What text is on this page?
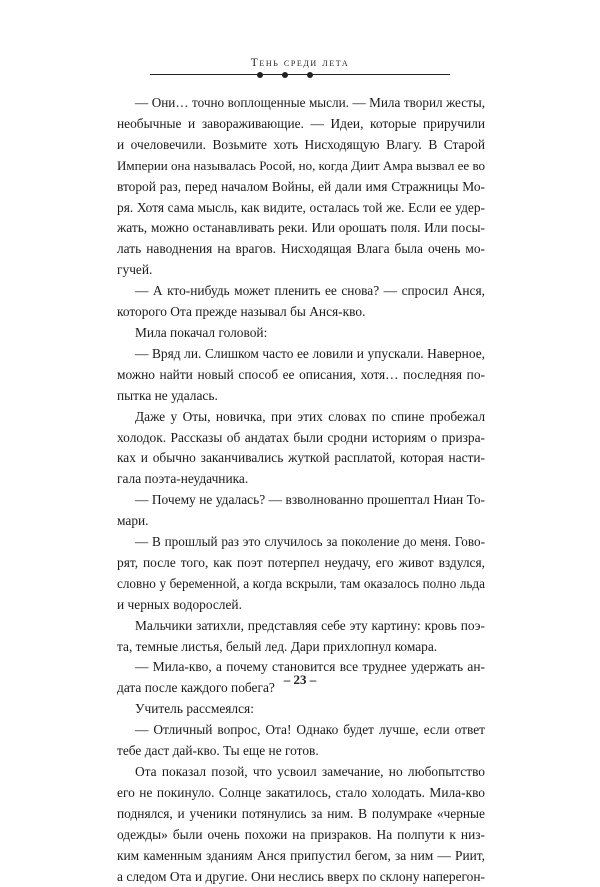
Тень среди лета
— Они… точно воплощенные мысли. — Мила творил жесты,
необычные и завораживающие. — Идеи, которые приручили
и очеловечили. Возьмите хоть Нисходящую Влагу. В Старой
Империи она называлась Росой, но, когда Диит Амра вызвал ее во
второй раз, перед началом Войны, ей дали имя Стражницы Мо-
ря. Хотя сама мысль, как видите, осталась той же. Если ее удер-
жать, можно останавливать реки. Или орошать поля. Или посы-
лать наводнения на врагов. Нисходящая Влага была очень мо-
гучей.
— А кто-нибудь может пленить ее снова? — спросил Анся,
которого Ота прежде называл бы Анся-кво.
Мила покачал головой:
— Вряд ли. Слишком часто ее ловили и упускали. Наверное,
можно найти новый способ ее описания, хотя… последняя по-
пытка не удалась.
Даже у Оты, новичка, при этих словах по спине пробежал
холодок. Рассказы об андатах были сродни историям о призра-
ках и обычно заканчивались жуткой расплатой, которая насти-
гала поэта-неудачника.
— Почему не удалась? — взволнованно прошептал Ниан То-
мари.
— В прошлый раз это случилось за поколение до меня. Гово-
рят, после того, как поэт потерпел неудачу, его живот вздулся,
словно у беременной, а когда вскрыли, там оказалось полно льда
и черных водорослей.
Мальчики затихли, представляя себе эту картину: кровь поэ-
та, темные листья, белый лед. Дари прихлопнул комара.
— Мила-кво, а почему становится все труднее удержать ан-
дата после каждого побега?
Учитель рассмеялся:
— Отличный вопрос, Ота! Однако будет лучше, если ответ
тебе даст дай-кво. Ты еще не готов.
Ота показал позой, что усвоил замечание, но любопытство
его не покинуло. Солнце закатилось, стало холодать. Мила-кво
поднялся, и ученики потянулись за ним. В полумраке «черные
одежды» были очень похожи на призраков. На полпути к низ-
ким каменным зданиям Анся припустил бегом, за ним — Риит,
а следом Ота и другие. Они неслись вверх по склону наперегон-
– 23 –
